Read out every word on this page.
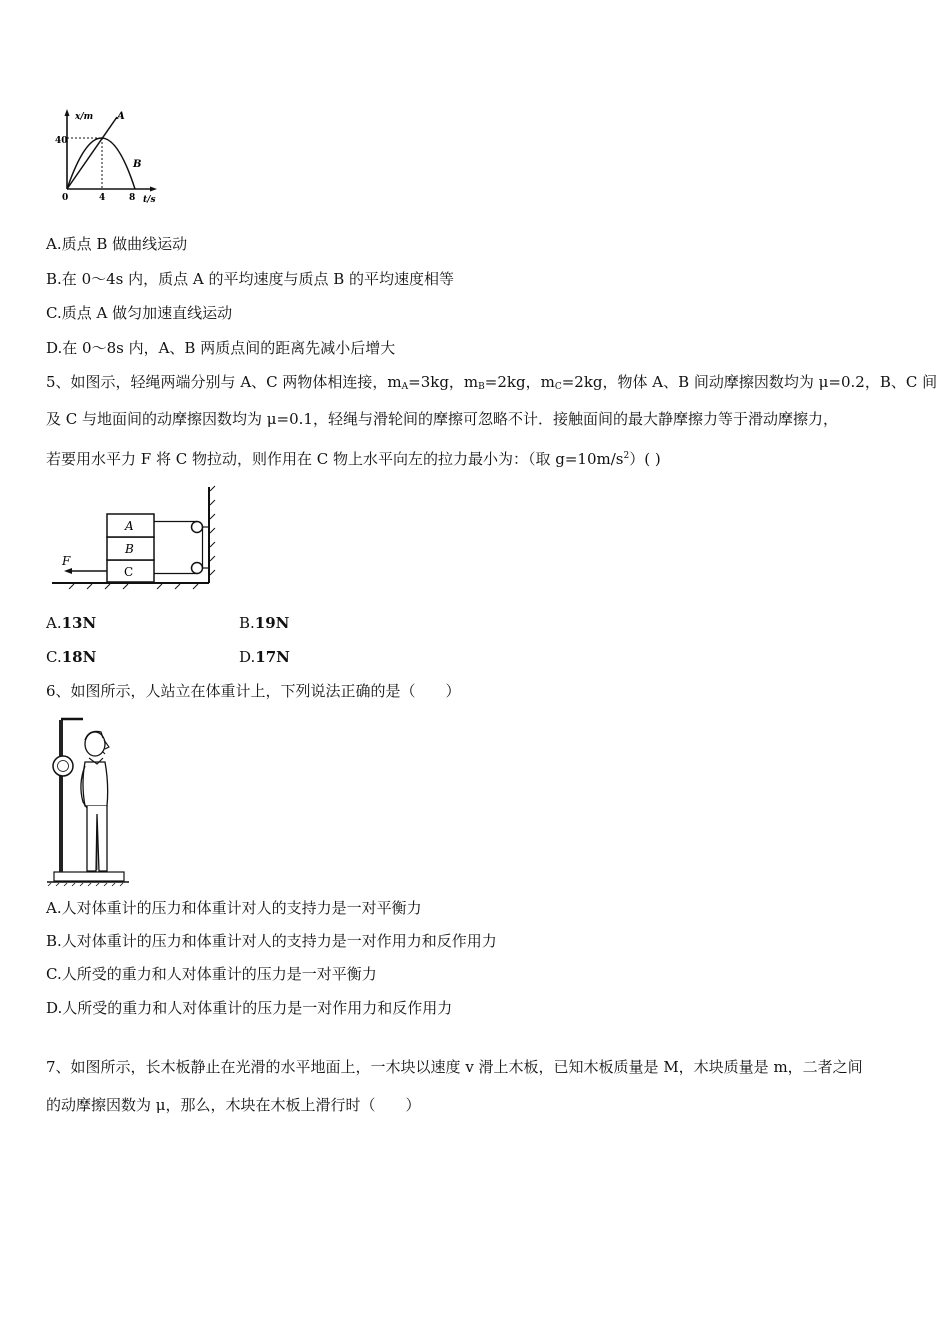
x/m
t/s
40
0	4	8
A
B
A.质点 B 做曲线运动
B.在 0～4s 内，质点 A 的平均速度与质点 B 的平均速度相等
C.质点 A 做匀加速直线运动
D.在 0～8s 内，A、B 两质点间的距离先减小后增大
5、如图示，轻绳两端分别与 A、C 两物体相连接，$m_A=3kg$，$m_B=2kg$，$m_C=2kg$，物体 A、B 间动摩擦因数均为 μ=0.2，B、C 间
及 C 与地面间的动摩擦因数均为 μ=0.1，轻绳与滑轮间的摩擦可忽略不计．接触面间的最大静摩擦力等于滑动摩擦力，
若要用水平力 F 将 C 物拉动，则作用在 C 物上水平向左的拉力最小为：（取 $g=10m/s^2$）( )
A
B
C
F
A.13N	B.19N
C.18N	D.17N
6、如图所示，人站立在体重计上，下列说法正确的是（　　）
A.人对体重计的压力和体重计对人的支持力是一对平衡力
B.人对体重计的压力和体重计对人的支持力是一对作用力和反作用力
C.人所受的重力和人对体重计的压力是一对平衡力
D.人所受的重力和人对体重计的压力是一对作用力和反作用力
7、如图所示，长木板静止在光滑的水平地面上，一木块以速度 v 滑上木板，已知木板质量是 M，木块质量是 m，二者之间
的动摩擦因数为 μ，那么，木块在木板上滑行时（　　）
